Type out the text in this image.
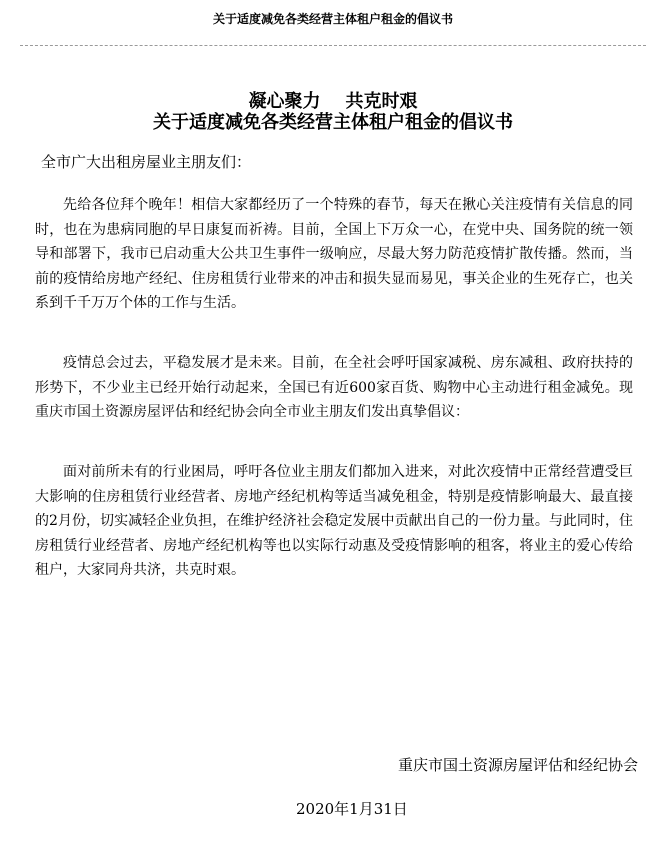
关于适度减免各类经营主体租户租金的倡议书
凝心聚力    共克时艰
关于适度减免各类经营主体租户租金的倡议书
全市广大出租房屋业主朋友们：

先给各位拜个晚年！相信大家都经历了一个特殊的春节，每天在揪心关注疫情有关信息的同时，也在为患病同胞的早日康复而祈祷。目前，全国上下万众一心，在党中央、国务院的统一领导和部署下，我市已启动重大公共卫生事件一级响应，尽最大努力防范疫情扩散传播。然而，当前的疫情给房地产经纪、住房租赁行业带来的冲击和损失显而易见，事关企业的生死存亡，也关系到千千万万个体的工作与生活。

疫情总会过去，平稳发展才是未来。目前，在全社会呼吁国家减税、房东减租、政府扶持的形势下，不少业主已经开始行动起来，全国已有近600家百货、购物中心主动进行租金减免。现重庆市国土资源房屋评估和经纪协会向全市业主朋友们发出真挚倡议：

面对前所未有的行业困局，呼吁各位业主朋友们都加入进来，对此次疫情中正常经营遭受巨大影响的住房租赁行业经营者、房地产经纪机构等适当减免租金，特别是疫情影响最大、最直接的2月份，切实减轻企业负担，在维护经济社会稳定发展中贡献出自己的一份力量。与此同时，住房租赁行业经营者、房地产经纪机构等也以实际行动惠及受疫情影响的租客，将业主的爱心传给租户，大家同舟共济，共克时艰。

重庆市国土资源房屋评估和经纪协会
2020年1月31日
